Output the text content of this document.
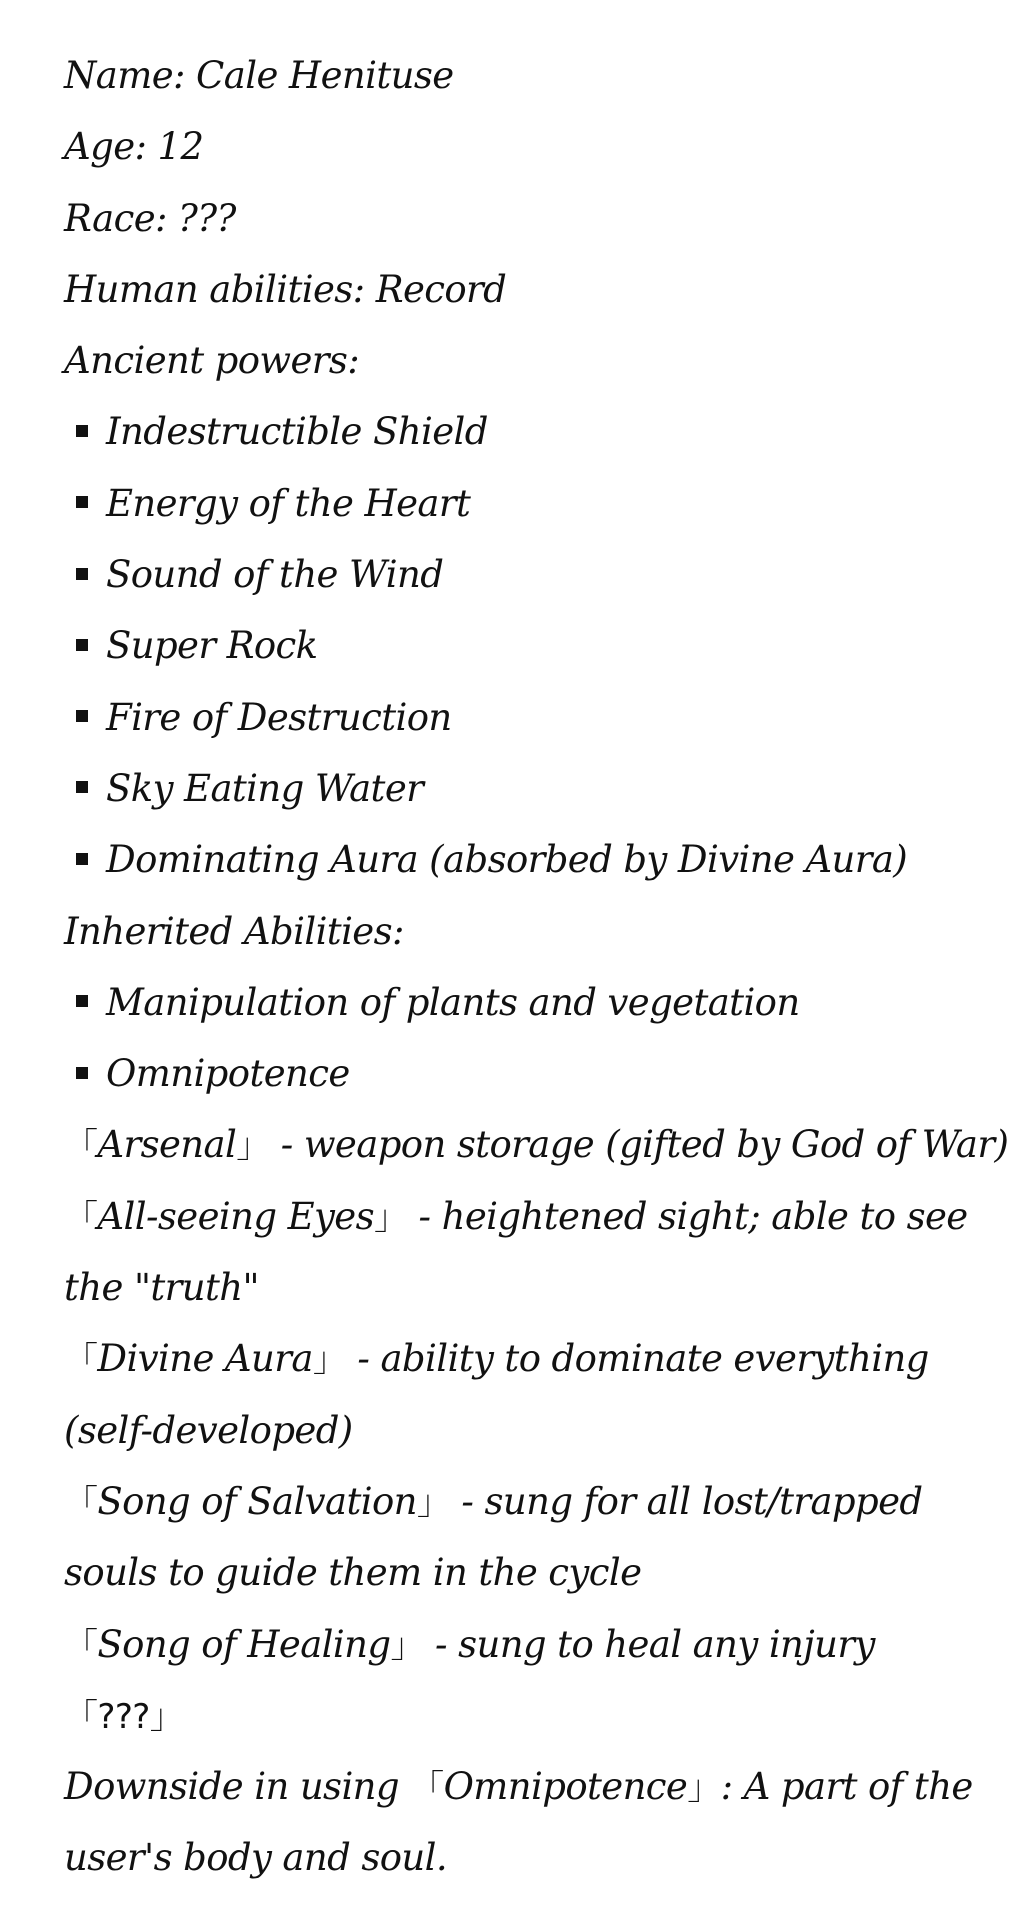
Name: Cale Henituse
Age: 12
Race: ???
Human abilities: Record
Ancient powers:
Indestructible Shield
Energy of the Heart
Sound of the Wind
Super Rock
Fire of Destruction
Sky Eating Water
Dominating Aura (absorbed by Divine Aura)
Inherited Abilities:
Manipulation of plants and vegetation
Omnipotence
「Arsenal」 - weapon storage (gifted by God of War)
「All-seeing Eyes」 - heightened sight; able to see
the "truth"
「Divine Aura」 - ability to dominate everything
(self-developed)
「Song of Salvation」 - sung for all lost/trapped
souls to guide them in the cycle
「Song of Healing」 - sung to heal any injury
「???」
Downside in using 「Omnipotence」: A part of the
user's body and soul.
